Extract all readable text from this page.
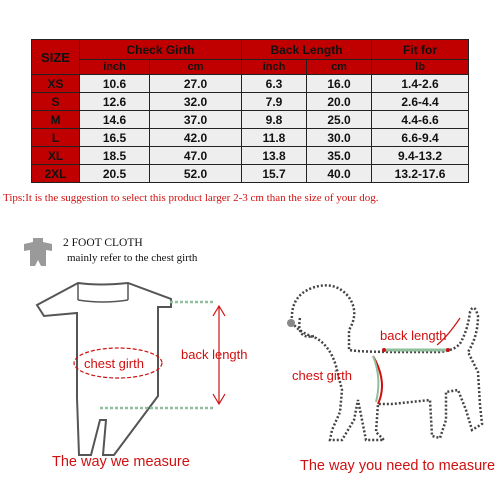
SIZE	Check Girth		Back Length		Fit for
	inch	cm	inch	cm	lb
XS	10.6	27.0	6.3	16.0	1.4-2.6
S	12.6	32.0	7.9	20.0	2.6-4.4
M	14.6	37.0	9.8	25.0	4.4-6.6
L	16.5	42.0	11.8	30.0	6.6-9.4
XL	18.5	47.0	13.8	35.0	9.4-13.2
2XL	20.5	52.0	15.7	40.0	13.2-17.6
Tips:It is the suggestion to select this product larger 2-3 cm than the size of your dog.
2 FOOT CLOTH
mainly refer to the chest girth
chest girth
back length
The way we measure
back length
chest girth
The way you need to measure
